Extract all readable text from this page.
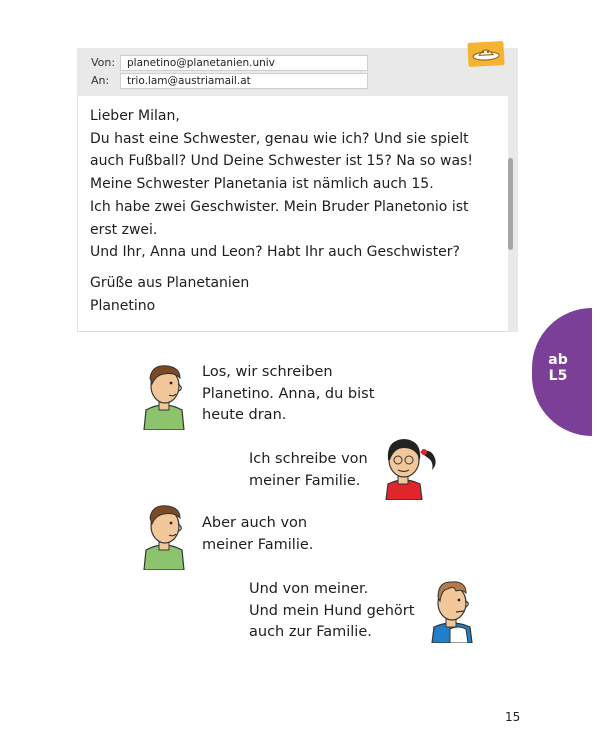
Von:	planetino@planetanien.univ
An:	trio.lam@austriamail.at

Lieber Milan,

Du hast eine Schwester, genau wie ich? Und sie spielt

auch Fußball? Und Deine Schwester ist 15? Na so was!

Meine Schwester Planetania ist nämlich auch 15.

Ich habe zwei Geschwister. Mein Bruder Planetonio ist

erst zwei.

Und Ihr, Anna und Leon? Habt Ihr auch Geschwister?

Grüße aus Planetanien

Planetino

ab
L5
Los, wir schreiben
Planetino. Anna, du bist
heute dran.
Ich schreibe von
meiner Familie.
Aber auch von
meiner Familie.
Und von meiner.
Und mein Hund gehört
auch zur Familie.
15
